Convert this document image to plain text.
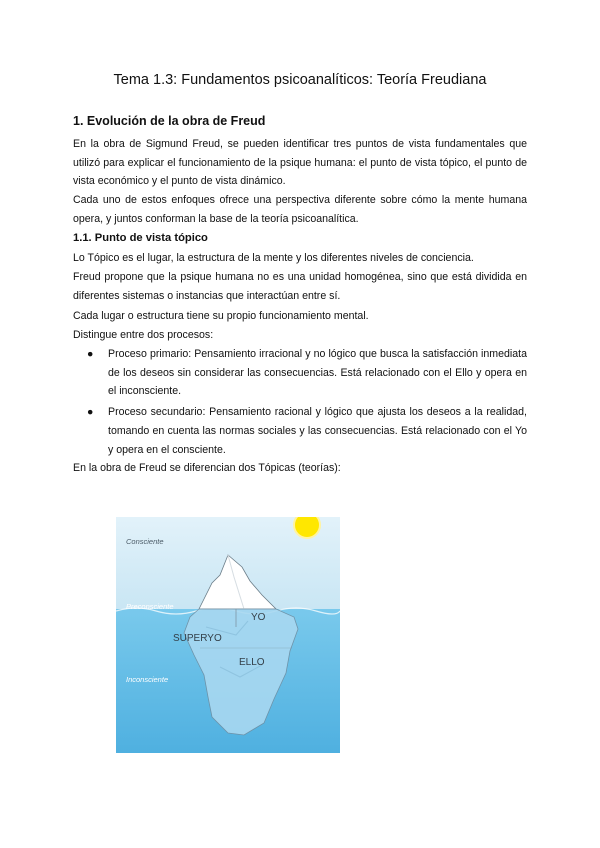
Tema 1.3: Fundamentos psicoanalíticos: Teoría Freudiana
1. Evolución de la obra de Freud

En la obra de Sigmund Freud, se pueden identificar tres puntos de vista fundamentales que utilizó para explicar el funcionamiento de la psique humana: el punto de vista tópico, el punto de vista económico y el punto de vista dinámico.

Cada uno de estos enfoques ofrece una perspectiva diferente sobre cómo la mente humana opera, y juntos conforman la base de la teoría psicoanalítica.

1.1. Punto de vista tópico

Lo Tópico es el lugar, la estructura de la mente y los diferentes niveles de conciencia.

Freud propone que la psique humana no es una unidad homogénea, sino que está dividida en diferentes sistemas o instancias que interactúan entre sí.

Cada lugar o estructura tiene su propio funcionamiento mental.

Distingue entre dos procesos:

● Proceso primario: Pensamiento irracional y no lógico que busca la satisfacción inmediata de los deseos sin considerar las consecuencias. Está relacionado con el Ello y opera en el inconsciente.
● Proceso secundario: Pensamiento racional y lógico que ajusta los deseos a la realidad, tomando en cuenta las normas sociales y las consecuencias. Está relacionado con el Yo y opera en el consciente.

En la obra de Freud se diferencian dos Tópicas (teorías):

Consciente
Preconsciente
Inconsciente
YO
SUPERYO
ELLO
